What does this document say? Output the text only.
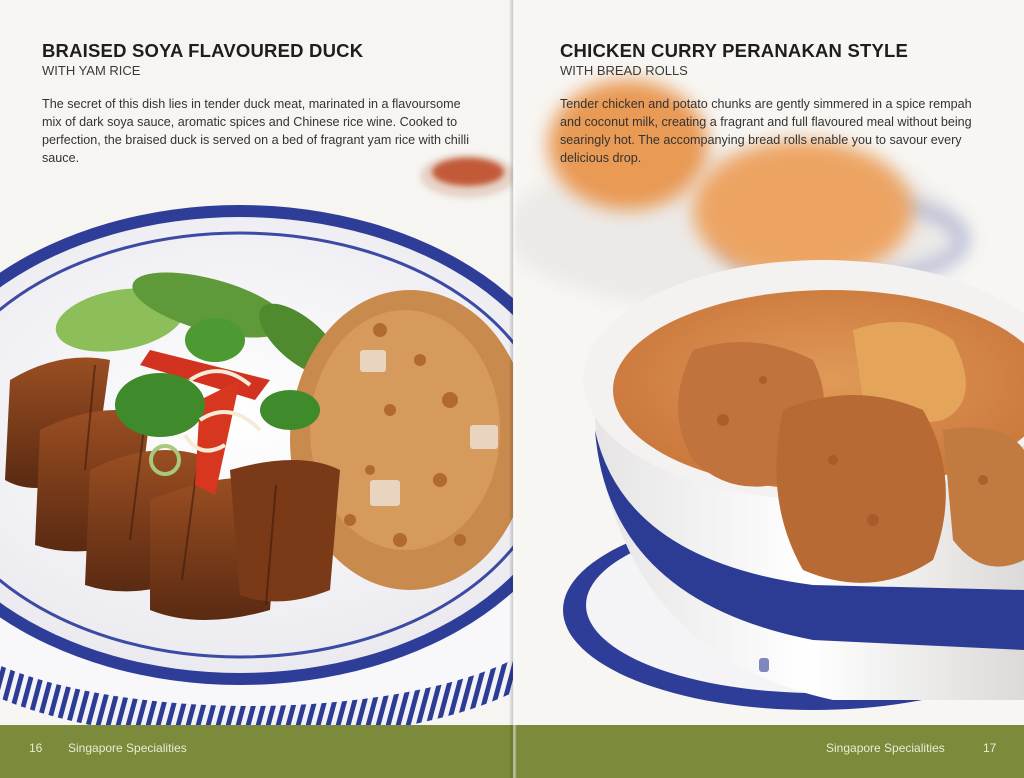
BRAISED SOYA FLAVOURED DUCK

WITH YAM RICE

The secret of this dish lies in tender duck meat, marinated in a flavoursome mix of dark soya sauce, aromatic spices and Chinese rice wine. Cooked to perfection, the braised duck is served on a bed of fragrant yam rice with chilli sauce.

16 Singapore Specialities
CHICKEN CURRY PERANAKAN STYLE

WITH BREAD ROLLS

Tender chicken and potato chunks are gently simmered in a spice rempah and coconut milk, creating a fragrant and full flavoured meal without being searingly hot. The accompanying bread rolls enable you to savour every delicious drop.

Singapore Specialities	17
